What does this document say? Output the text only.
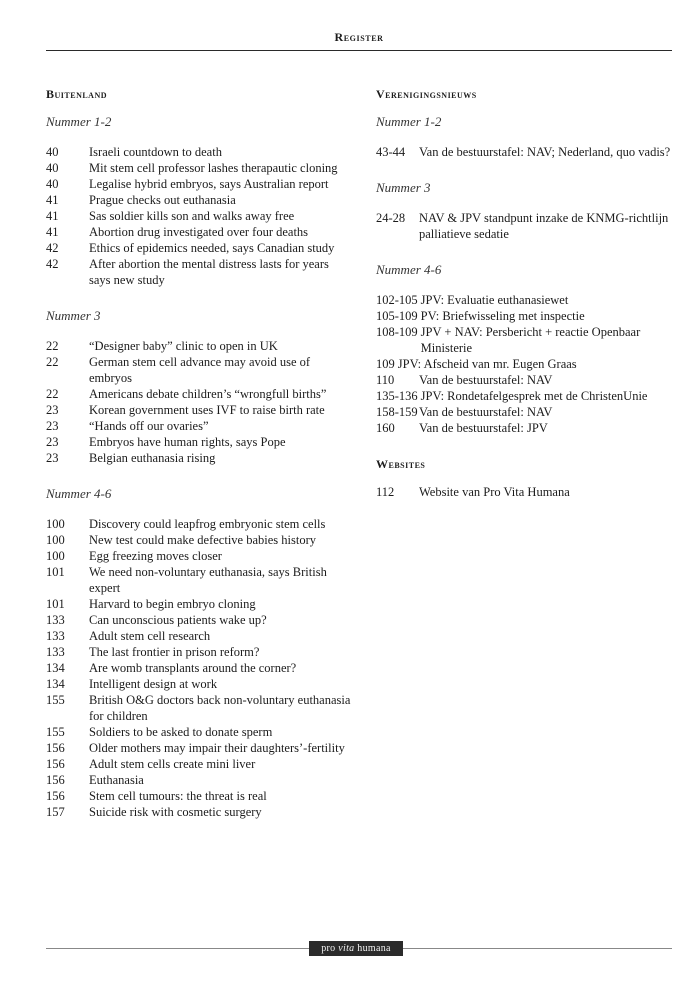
Register
Buitenland
Nummer 1-2
40	Israeli countdown to death
40	Mit stem cell professor lashes therapautic cloning
40	Legalise hybrid embryos, says Australian report
41	Prague checks out euthanasia
41	Sas soldier kills son and walks away free
41	Abortion drug investigated over four deaths
42	Ethics of epidemics needed, says Canadian study
42	After abortion the mental distress lasts for years says new study
Nummer 3
22	“Designer baby” clinic to open in UK
22	German stem cell advance may avoid use of embryos
22	Americans debate children’s “wrongfull births”
23	Korean government uses IVF to raise birth rate
23	“Hands off our ovaries”
23	Embryos have human rights, says Pope
23	Belgian euthanasia rising
Nummer 4-6
100	Discovery could leapfrog embryonic stem cells
100	New test could make defective babies history
100	Egg freezing moves closer
101	We need non-voluntary euthanasia, says British expert
101	Harvard to begin embryo cloning
133	Can unconscious patients wake up?
133	Adult stem cell research
133	The last frontier in prison reform?
134	Are womb transplants around the corner?
134	Intelligent design at work
155	British O&G doctors back non-voluntary euthanasia for children
155	Soldiers to be asked to donate sperm
156	Older mothers may impair their daughters’-fertility
156	Adult stem cells create mini liver
156	Euthanasia
156	Stem cell tumours: the threat is real
157	Suicide risk with cosmetic surgery
Verenigingsnieuws
Nummer 1-2
43-44	Van de bestuurstafel: NAV; Nederland, quo vadis?
Nummer 3
24-28	NAV & JPV standpunt inzake de KNMG-richtlijn palliatieve sedatie
Nummer 4-6
102-105 JPV: Evaluatie euthanasiewet
105-109 PV: Briefwisseling met inspectie
108-109 JPV + NAV: Persbericht + reactie Openbaar Ministerie
109 JPV: Afscheid van mr. Eugen Graas
110	Van de bestuurstafel: NAV
135-136 JPV: Rondetafelgesprek met de ChristenUnie
158-159 Van de bestuurstafel: NAV
160	Van de bestuurstafel: JPV
Websites
112	Website van Pro Vita Humana
pro vita humana
